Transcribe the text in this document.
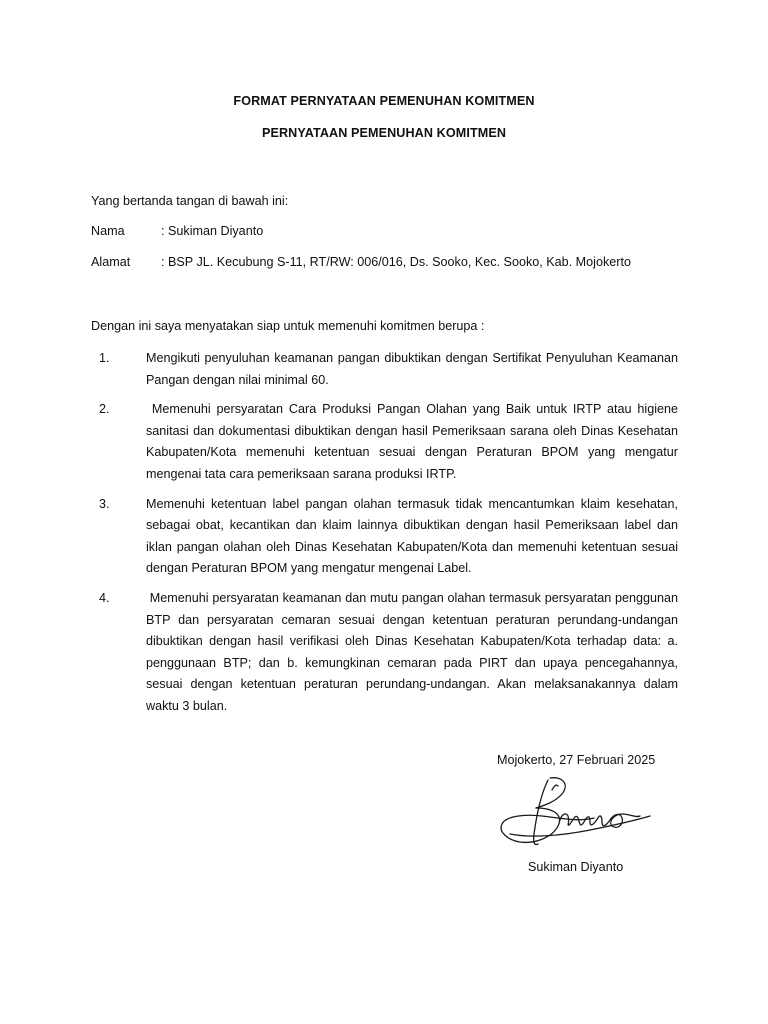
FORMAT PERNYATAAN PEMENUHAN KOMITMEN
PERNYATAAN PEMENUHAN KOMITMEN
Yang bertanda tangan di bawah ini:
Nama	: Sukiman Diyanto
Alamat : BSP JL. Kecubung S-11, RT/RW: 006/016, Ds. Sooko, Kec. Sooko, Kab. Mojokerto
Dengan ini saya menyatakan siap untuk memenuhi komitmen berupa :
1.	Mengikuti penyuluhan keamanan pangan dibuktikan dengan Sertifikat Penyuluhan Keamanan Pangan dengan nilai minimal 60.
2.	Memenuhi persyaratan Cara Produksi Pangan Olahan yang Baik untuk IRTP atau higiene sanitasi dan dokumentasi dibuktikan dengan hasil Pemeriksaan sarana oleh Dinas Kesehatan Kabupaten/Kota memenuhi ketentuan sesuai dengan Peraturan BPOM yang mengatur mengenai tata cara pemeriksaan sarana produksi IRTP.
3.	Memenuhi ketentuan label pangan olahan termasuk tidak mencantumkan klaim kesehatan, sebagai obat, kecantikan dan klaim lainnya dibuktikan dengan hasil Pemeriksaan label dan iklan pangan olahan oleh Dinas Kesehatan Kabupaten/Kota dan memenuhi ketentuan sesuai dengan Peraturan BPOM yang mengatur mengenai Label.
4.	Memenuhi persyaratan keamanan dan mutu pangan olahan termasuk persyaratan penggunan BTP dan persyaratan cemaran sesuai dengan ketentuan peraturan perundang-undangan dibuktikan dengan hasil verifikasi oleh Dinas Kesehatan Kabupaten/Kota terhadap data: a. penggunaan BTP; dan b. kemungkinan cemaran pada PIRT dan upaya pencegahannya, sesuai dengan ketentuan peraturan perundang-undangan. Akan melaksanakannya dalam waktu 3 bulan.
Mojokerto, 27 Februari 2025
Sukiman Diyanto
